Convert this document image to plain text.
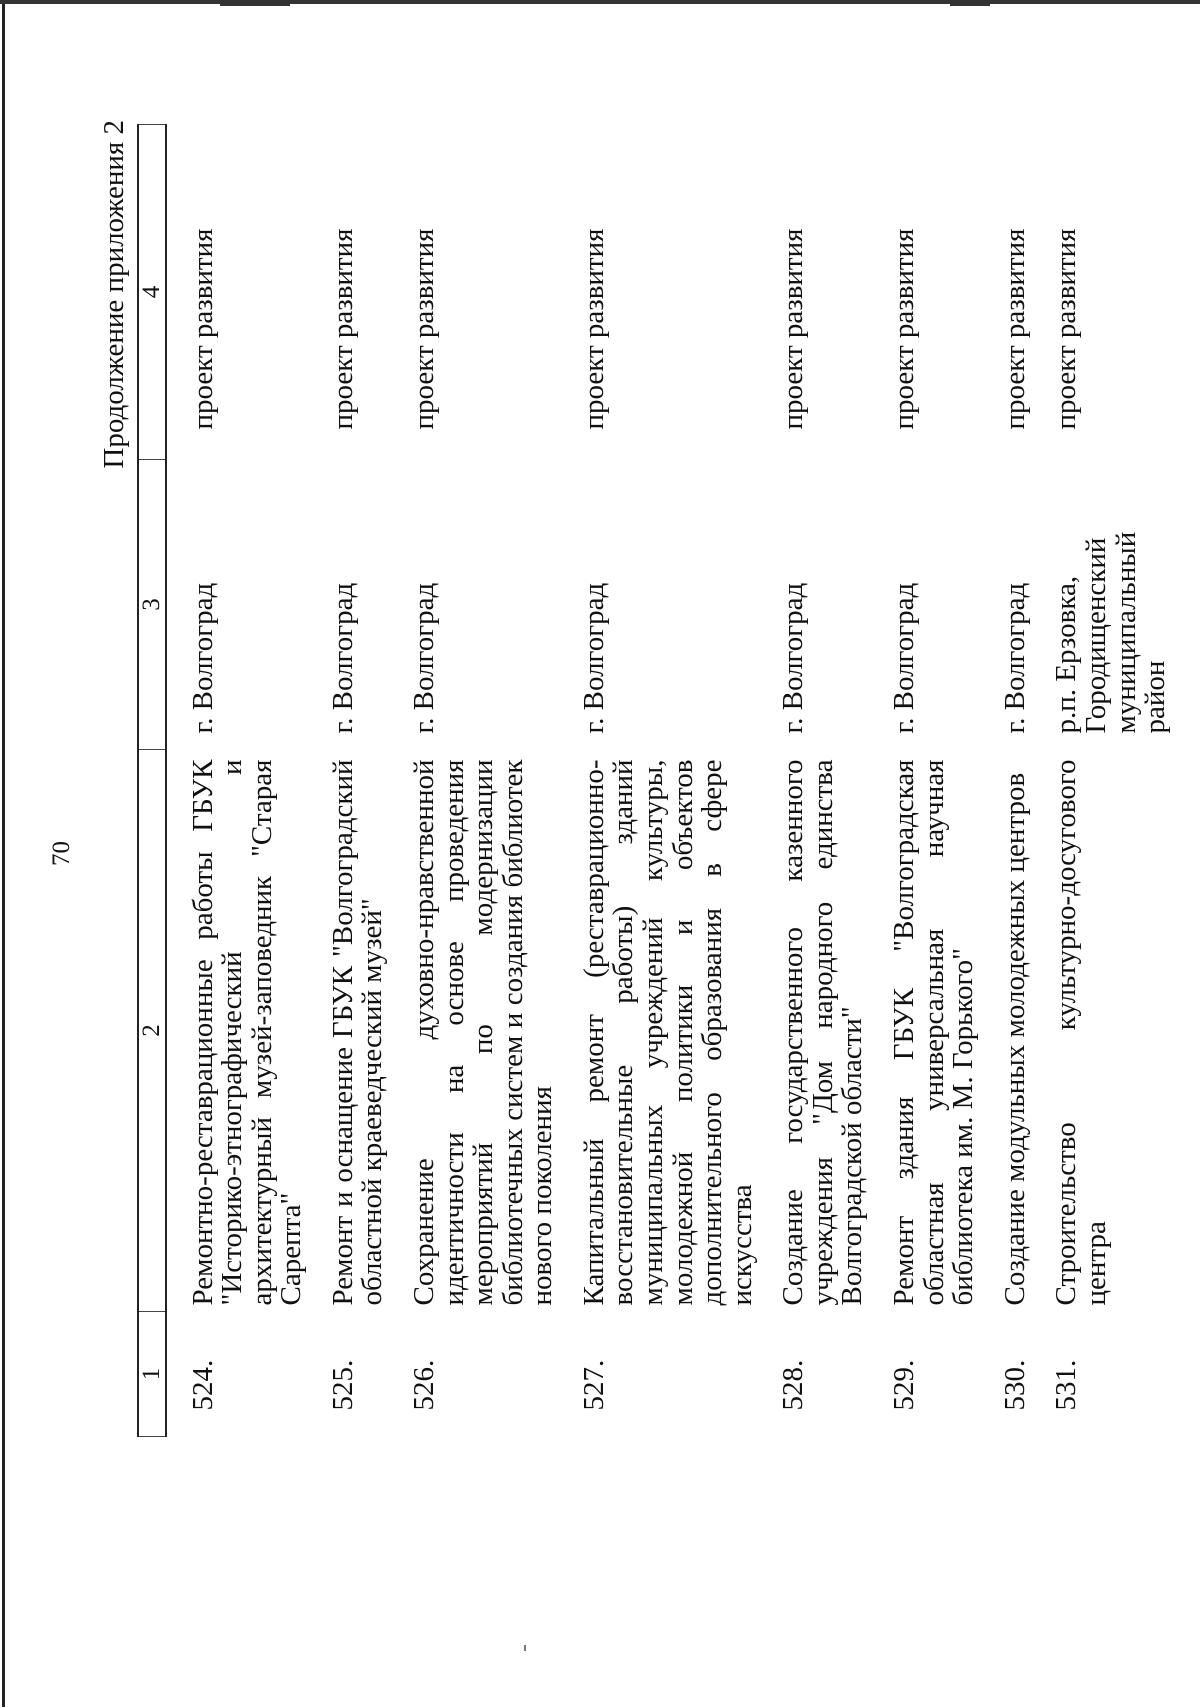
70
Продолжение приложения 2
1	2	3	4
524.	Ремонтно-реставрационные работы ГБУК "Историко-этнографический и архитектурный музей-заповедник "Старая Сарепта"	г. Волгоград	проект развития
525.	Ремонт и оснащение ГБУК "Волгоградский областной краеведческий музей"	г. Волгоград	проект развития
526.	Сохранение духовно-нравственной идентичности на основе проведения мероприятий по модернизации библиотечных систем и создания библиотек нового поколения	г. Волгоград	проект развития
527.	Капитальный ремонт (реставрационно-восстановительные работы) зданий муниципальных учреждений культуры, молодежной политики и объектов дополнительного образования в сфере искусства	г. Волгоград	проект развития
528.	Создание государственного казенного учреждения "Дом народного единства Волгоградской области"	г. Волгоград	проект развития
529.	Ремонт здания ГБУК "Волгоградская областная универсальная научная библиотека им. М. Горького"	г. Волгоград	проект развития
530.	Создание модульных молодежных центров	г. Волгоград	проект развития
531.	Строительство культурно-досугового центра	р.п. Ерзовка, Городищенский муниципальный район	проект развития
